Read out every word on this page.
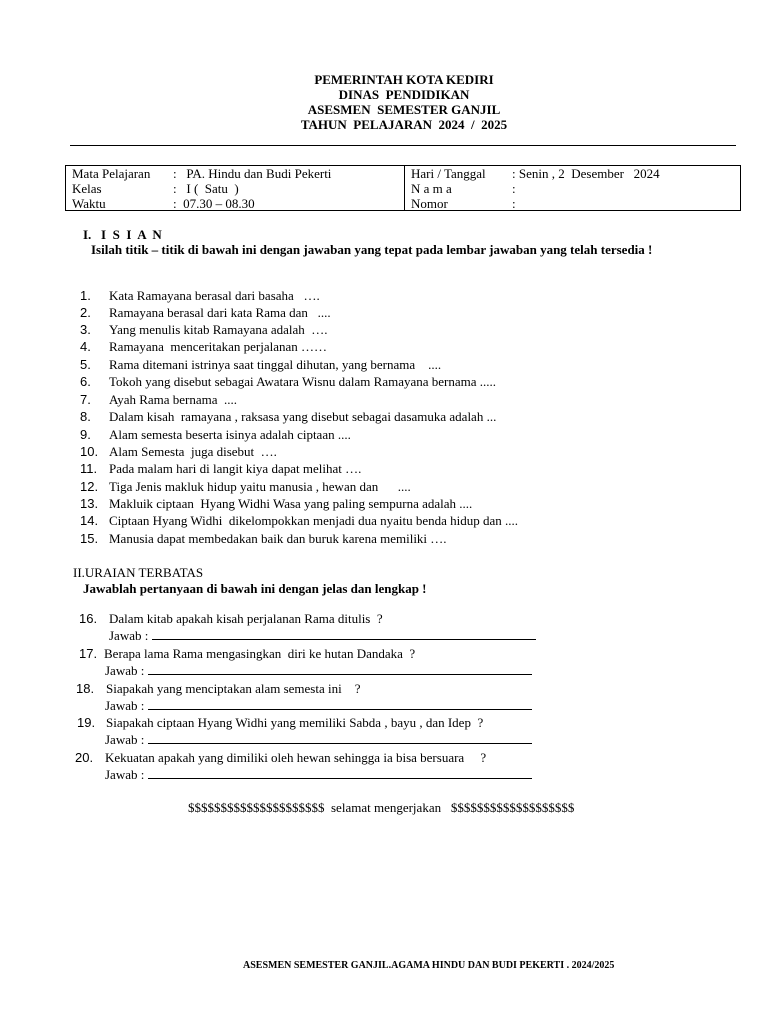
PEMERINTAH KOTA KEDIRI
DINAS  PENDIDIKAN
ASESMEN  SEMESTER GANJIL
TAHUN  PELAJARAN  2024  /  2025
Mata Pelajaran :   PA. Hindu dan Budi Pekerti
Kelas	:   I (  Satu  )
Waktu	:  07.30 – 08.30
Hari / Tanggal : Senin , 2  Desember   2024
N a m a	:
Nomor	:
I.   I  S  I  A  N
Isilah titik – titik di bawah ini dengan jawaban yang tepat pada lembar jawaban yang telah tersedia !
1. Kata Ramayana berasal dari basaha   ….
2. Ramayana berasal dari kata Rama dan   ....
3. Yang menulis kitab Ramayana adalah  ….
4. Ramayana  menceritakan perjalanan ……
5. Rama ditemani istrinya saat tinggal dihutan, yang bernama    ....
6. Tokoh yang disebut sebagai Awatara Wisnu dalam Ramayana bernama .....
7. Ayah Rama bernama  ....
8. Dalam kisah  ramayana , raksasa yang disebut sebagai dasamuka adalah ...
9. Alam semesta beserta isinya adalah ciptaan ....
10. Alam Semesta  juga disebut  ….
11. Pada malam hari di langit kiya dapat melihat ….
12. Tiga Jenis makluk hidup yaitu manusia , hewan dan      ....
13. Makluik ciptaan  Hyang Widhi Wasa yang paling sempurna adalah ....
14. Ciptaan Hyang Widhi  dikelompokkan menjadi dua nyaitu benda hidup dan ....
15. Manusia dapat membedakan baik dan buruk karena memiliki ….
II.URAIAN TERBATAS
Jawablah pertanyaan di bawah ini dengan jelas dan lengkap !
16. Dalam kitab apakah kisah perjalanan Rama ditulis  ?
Jawab :
17. Berapa lama Rama mengasingkan  diri ke hutan Dandaka  ?
Jawab :
18. Siapakah yang menciptakan alam semesta ini    ?
Jawab :
19. Siapakah ciptaan Hyang Widhi yang memiliki Sabda , bayu , dan Idep  ?
Jawab :
20. Kekuatan apakah yang dimiliki oleh hewan sehingga ia bisa bersuara     ?
Jawab :
$$$$$$$$$$$$$$$$$$$$$  selamat mengerjakan   $$$$$$$$$$$$$$$$$$$
ASESMEN SEMESTER GANJIL.AGAMA HINDU DAN BUDI PEKERTI . 2024/2025
